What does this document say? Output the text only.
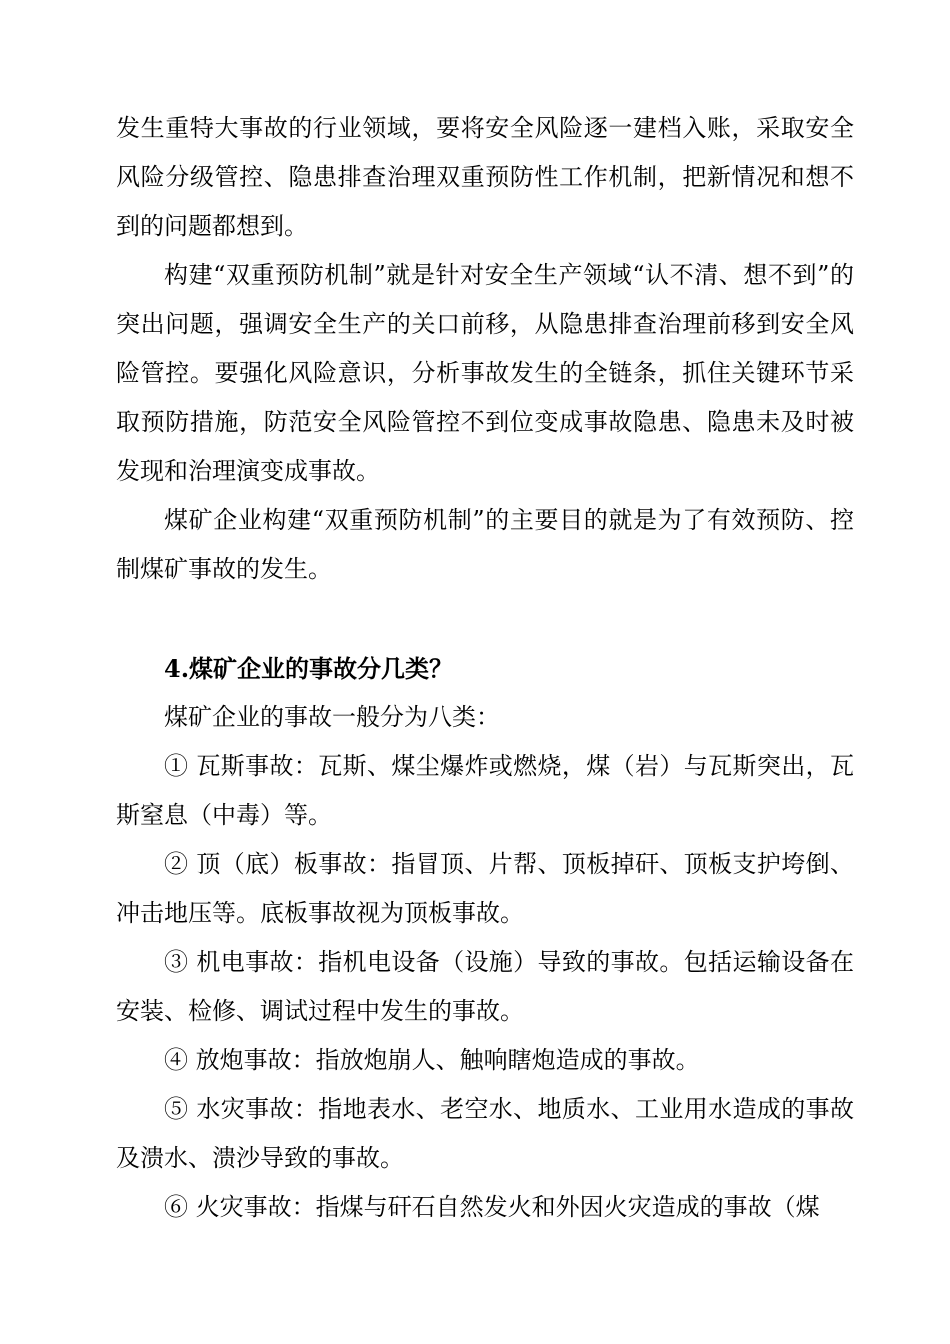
发生重特大事故的行业领域，要将安全风险逐一建档入账，采取安全风险分级管控、隐患排查治理双重预防性工作机制，把新情况和想不到的问题都想到。

构建“双重预防机制”就是针对安全生产领域“认不清、想不到”的突出问题，强调安全生产的关口前移，从隐患排查治理前移到安全风险管控。要强化风险意识，分析事故发生的全链条，抓住关键环节采取预防措施，防范安全风险管控不到位变成事故隐患、隐患未及时被发现和治理演变成事故。

煤矿企业构建“双重预防机制”的主要目的就是为了有效预防、控制煤矿事故的发生。

4.煤矿企业的事故分几类？

煤矿企业的事故一般分为八类：

① 瓦斯事故：瓦斯、煤尘爆炸或燃烧，煤（岩）与瓦斯突出，瓦斯窒息（中毒）等。

② 顶（底）板事故：指冒顶、片帮、顶板掉矸、顶板支护垮倒、冲击地压等。底板事故视为顶板事故。

③ 机电事故：指机电设备（设施）导致的事故。包括运输设备在安装、检修、调试过程中发生的事故。

④ 放炮事故：指放炮崩人、触响瞎炮造成的事故。

⑤ 水灾事故：指地表水、老空水、地质水、工业用水造成的事故及溃水、溃沙导致的事故。

⑥ 火灾事故：指煤与矸石自然发火和外因火灾造成的事故（煤
